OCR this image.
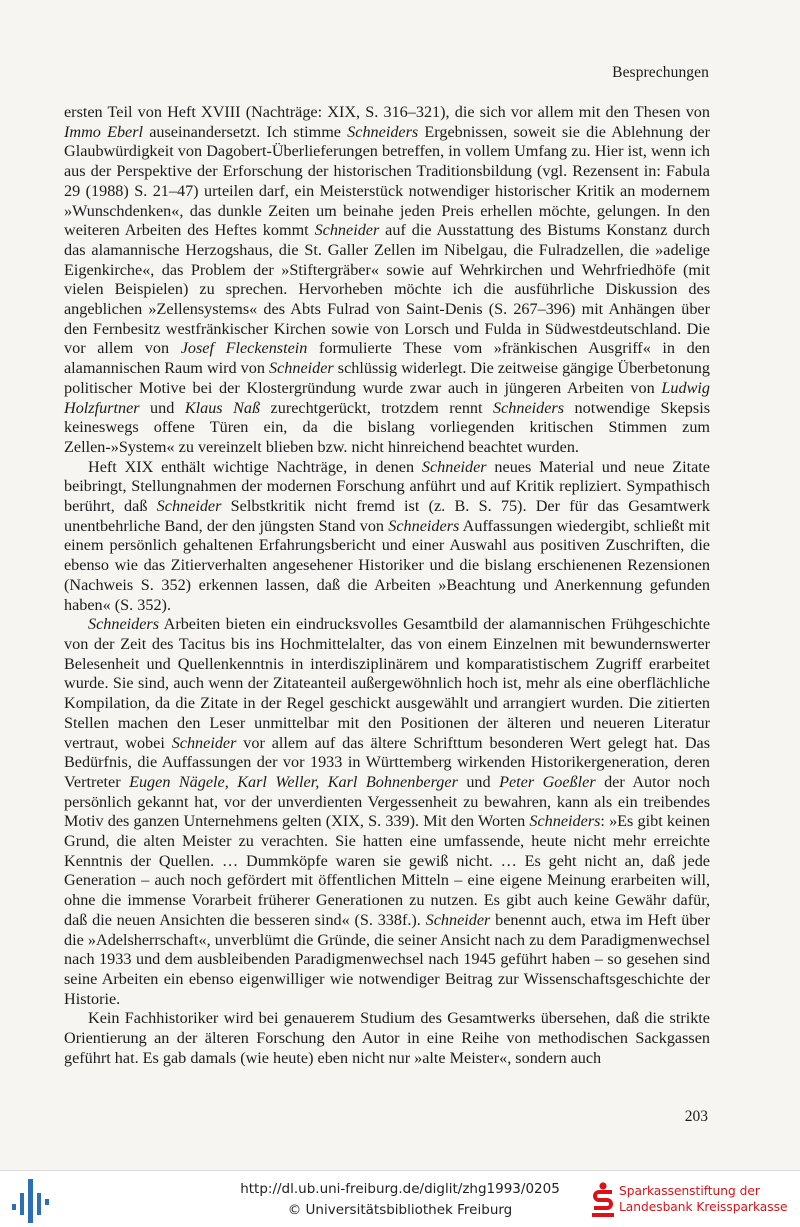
Besprechungen

ersten Teil von Heft XVIII (Nachträge: XIX, S. 316–321), die sich vor allem mit den Thesen von Immo Eberl auseinandersetzt. Ich stimme Schneiders Ergebnissen, soweit sie die Ablehnung der Glaubwürdigkeit von Dagobert-Überlieferungen betreffen, in vollem Umfang zu. Hier ist, wenn ich aus der Perspektive der Erforschung der historischen Traditionsbildung (vgl. Rezensent in: Fabula 29 (1988) S. 21–47) urteilen darf, ein Meisterstück notwendiger historischer Kritik an modernem »Wunschdenken«, das dunkle Zeiten um beinahe jeden Preis erhellen möchte, gelungen. In den weiteren Arbeiten des Heftes kommt Schneider auf die Ausstattung des Bistums Konstanz durch das alamannische Herzogshaus, die St. Galler Zellen im Nibelgau, die Fulradzellen, die »adelige Eigenkirche«, das Problem der »Stiftergräber« sowie auf Wehrkirchen und Wehrfriedhöfe (mit vielen Beispielen) zu sprechen. Hervorheben möchte ich die ausführliche Diskussion des angeblichen »Zellensystems« des Abts Fulrad von Saint-Denis (S. 267–396) mit Anhängen über den Fernbesitz westfränkischer Kirchen sowie von Lorsch und Fulda in Südwestdeutschland. Die vor allem von Josef Fleckenstein formulierte These vom »fränkischen Ausgriff« in den alamannischen Raum wird von Schneider schlüssig widerlegt. Die zeitweise gängige Überbetonung politischer Motive bei der Klostergründung wurde zwar auch in jüngeren Arbeiten von Ludwig Holzfurtner und Klaus Naß zurechtgerückt, trotzdem rennt Schneiders notwendige Skepsis keineswegs offene Türen ein, da die bislang vorliegenden kritischen Stimmen zum Zellen-»System« zu vereinzelt blieben bzw. nicht hinreichend beachtet wurden.

Heft XIX enthält wichtige Nachträge, in denen Schneider neues Material und neue Zitate beibringt, Stellungnahmen der modernen Forschung anführt und auf Kritik repliziert. Sympathisch berührt, daß Schneider Selbstkritik nicht fremd ist (z. B. S. 75). Der für das Gesamtwerk unentbehrliche Band, der den jüngsten Stand von Schneiders Auffassungen wiedergibt, schließt mit einem persönlich gehaltenen Erfahrungsbericht und einer Auswahl aus positiven Zuschriften, die ebenso wie das Zitierverhalten angesehener Historiker und die bislang erschienenen Rezensionen (Nachweis S. 352) erkennen lassen, daß die Arbeiten »Beachtung und Anerkennung gefunden haben« (S. 352).

Schneiders Arbeiten bieten ein eindrucksvolles Gesamtbild der alamannischen Frühgeschichte von der Zeit des Tacitus bis ins Hochmittelalter, das von einem Einzelnen mit bewundernswerter Belesenheit und Quellenkenntnis in interdisziplinärem und komparatistischem Zugriff erarbeitet wurde. Sie sind, auch wenn der Zitateanteil außergewöhnlich hoch ist, mehr als eine oberflächliche Kompilation, da die Zitate in der Regel geschickt ausgewählt und arrangiert wurden. Die zitierten Stellen machen den Leser unmittelbar mit den Positionen der älteren und neueren Literatur vertraut, wobei Schneider vor allem auf das ältere Schrifttum besonderen Wert gelegt hat. Das Bedürfnis, die Auffassungen der vor 1933 in Württemberg wirkenden Historikergeneration, deren Vertreter Eugen Nägele, Karl Weller, Karl Bohnenberger und Peter Goeßler der Autor noch persönlich gekannt hat, vor der unverdienten Vergessenheit zu bewahren, kann als ein treibendes Motiv des ganzen Unternehmens gelten (XIX, S. 339). Mit den Worten Schneiders: »Es gibt keinen Grund, die alten Meister zu verachten. Sie hatten eine umfassende, heute nicht mehr erreichte Kenntnis der Quellen. … Dummköpfe waren sie gewiß nicht. … Es geht nicht an, daß jede Generation – auch noch gefördert mit öffentlichen Mitteln – eine eigene Meinung erarbeiten will, ohne die immense Vorarbeit früherer Generationen zu nutzen. Es gibt auch keine Gewähr dafür, daß die neuen Ansichten die besseren sind« (S. 338f.). Schneider benennt auch, etwa im Heft über die »Adelsherrschaft«, unverblümt die Gründe, die seiner Ansicht nach zu dem Paradigmenwechsel nach 1933 und dem ausbleibenden Paradigmenwechsel nach 1945 geführt haben – so gesehen sind seine Arbeiten ein ebenso eigenwilliger wie notwendiger Beitrag zur Wissenschaftsgeschichte der Historie.

Kein Fachhistoriker wird bei genauerem Studium des Gesamtwerks übersehen, daß die strikte Orientierung an der älteren Forschung den Autor in eine Reihe von methodischen Sackgassen geführt hat. Es gab damals (wie heute) eben nicht nur »alte Meister«, sondern auch

203
http://dl.ub.uni-freiburg.de/diglit/zhg1993/0205
© Universitätsbibliothek Freiburg
Sparkassenstiftung der
Landesbank Kreissparkasse
